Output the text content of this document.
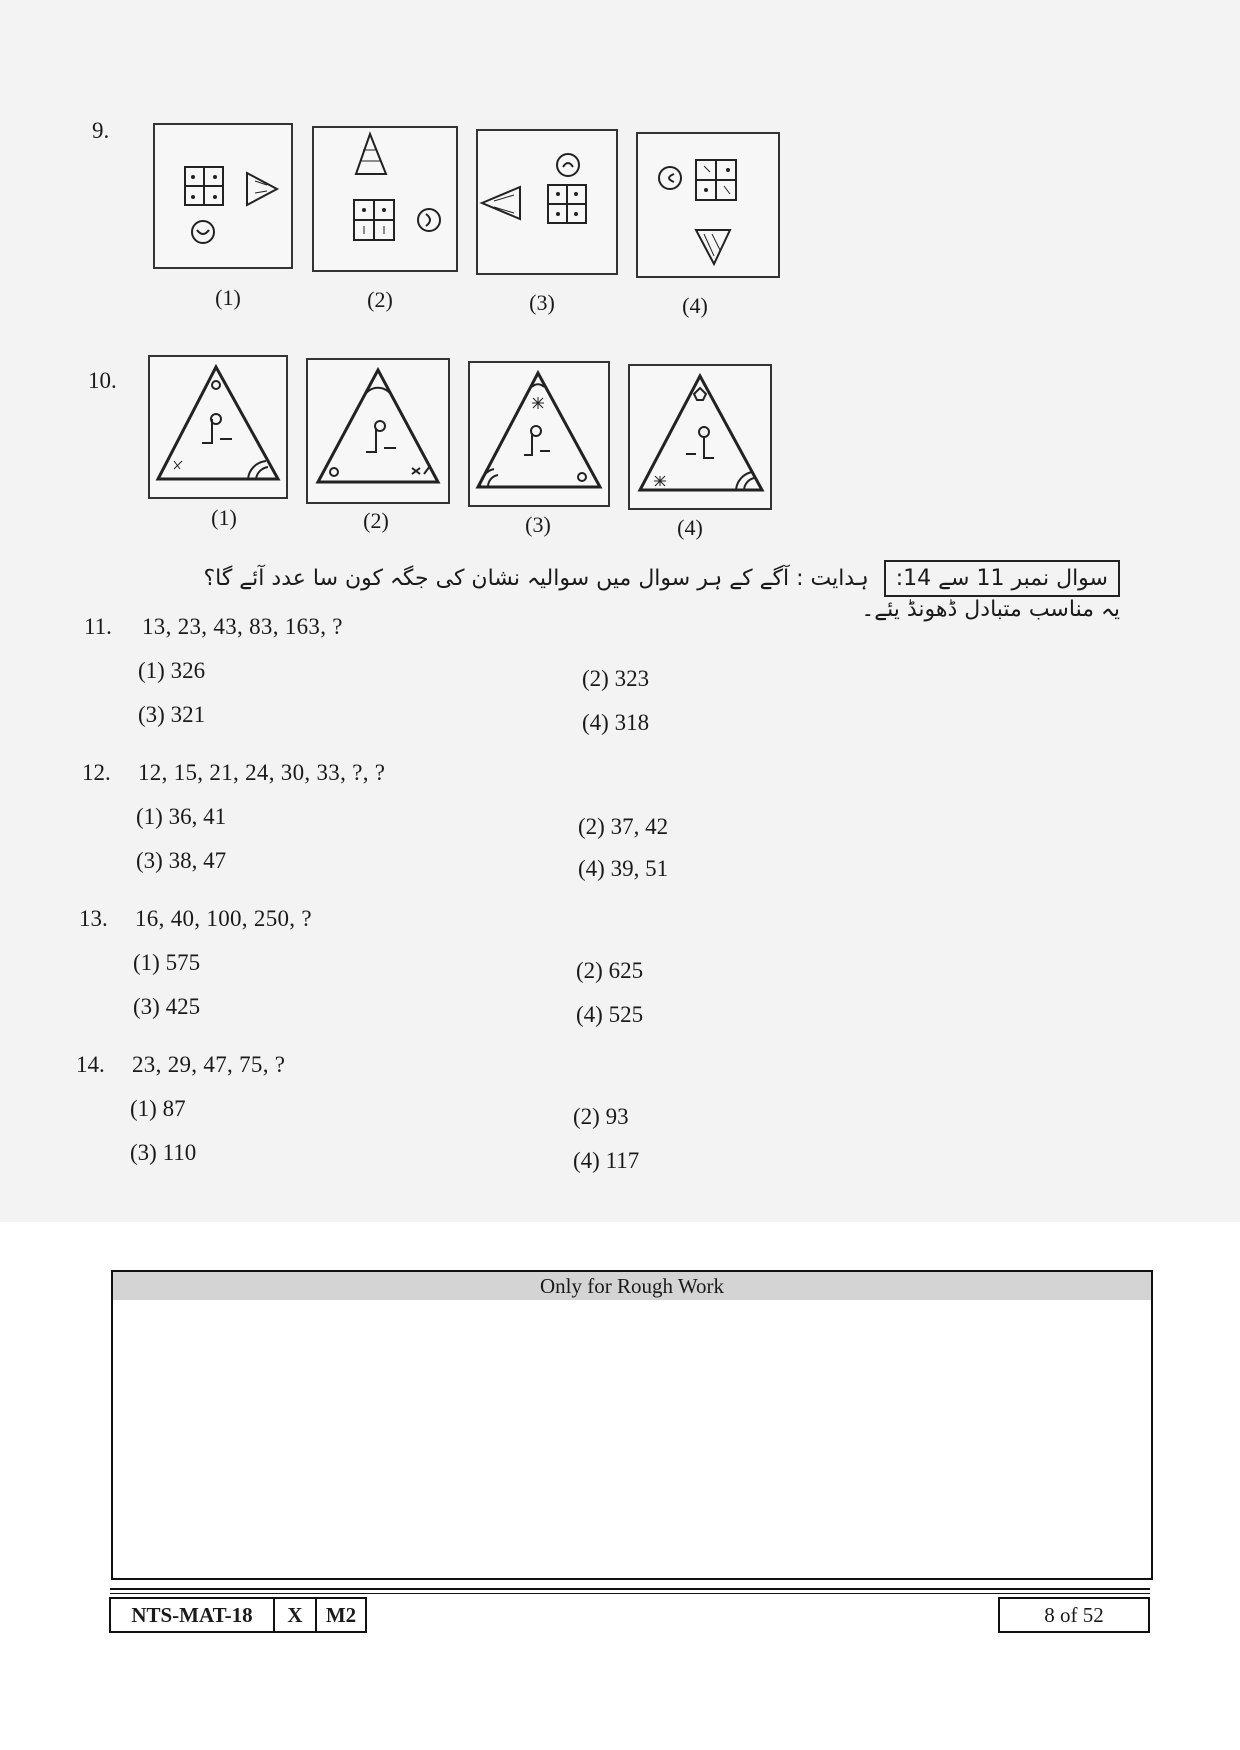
9.
(1)	(2)	(3)	(4)
10.
(1)	(2)	(3)	(4)
سوال نمبر 11 سے 14: ہدایت : آگے کے ہر سوال میں سوالیہ نشان کی جگہ کون سا عدد آئے گا؟ یہ مناسب متبادل ڈھونڈ یئے۔
11. 13, 23, 43, 83, 163, ?
(1) 326	(2) 323
(3) 321	(4) 318
12. 12, 15, 21, 24, 30, 33, ?, ?
(1) 36, 41	(2) 37, 42
(3) 38, 47	(4) 39, 51
13. 16, 40, 100, 250, ?
(1) 575	(2) 625
(3) 425	(4) 525
14. 23, 29, 47, 75, ?
(1) 87	(2) 93
(3) 110	(4) 117
Only for Rough Work
NTS-MAT-18	X	M2	8 of 52
